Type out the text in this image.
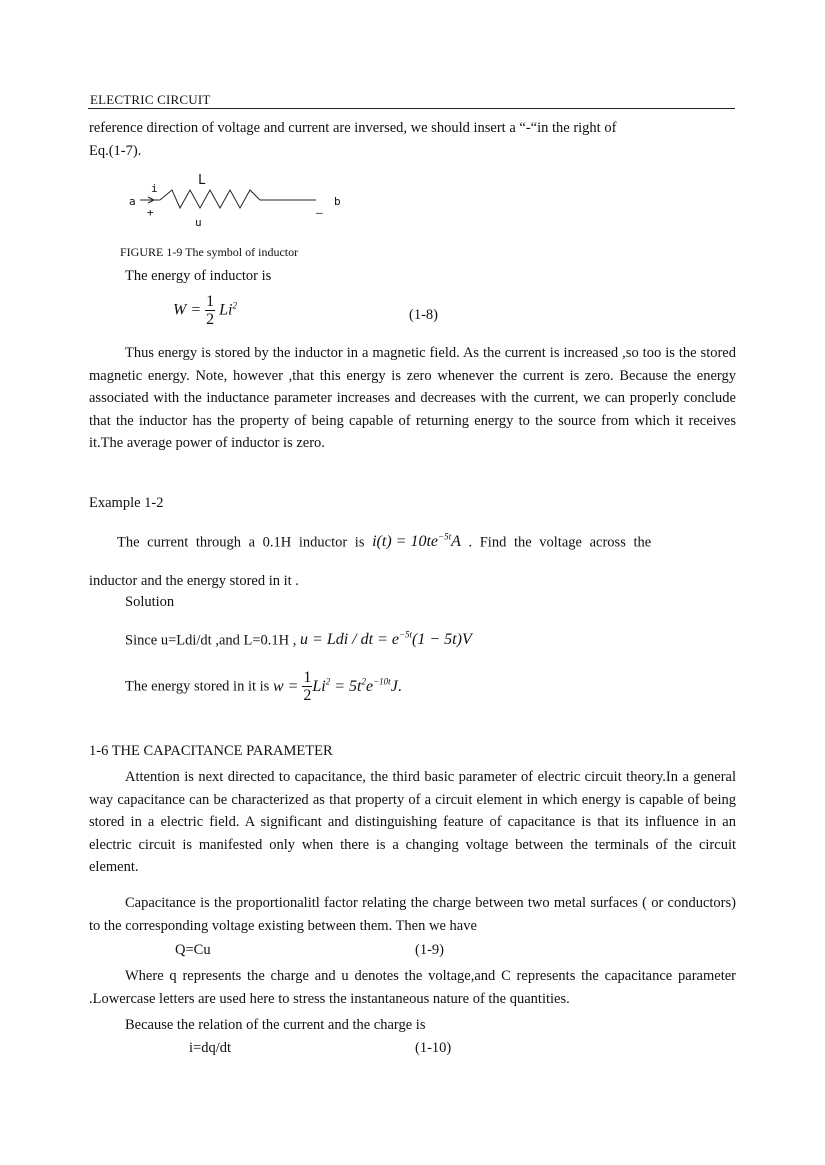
ELECTRIC CIRCUIT
reference direction of voltage and current are inversed, we should insert a “-“in the right of
Eq.(1-7).
a
i
L
b
+
u
–
FIGURE 1-9 The symbol of inductor
The energy of inductor is
$W = \frac{1}{2} Li^2$
(1-8)
Thus energy is stored by the inductor in a magnetic field. As the current is increased ,so too is the stored magnetic energy. Note, however ,that this energy is zero whenever the current is zero. Because the energy associated with the inductance parameter increases and decreases with the current, we can properly conclude that the inductor has the property of being capable of returning energy to the source from which it receives it.The average power of inductor is zero.
Example 1-2
The current through a 0.1H inductor is $i(t) = 10te^{-5t}A$ . Find the voltage across the
inductor and the energy stored in it .
Solution
Since u=Ldi/dt ,and L=0.1H , u = Ldi / dt = $e^{-5t}(1 - 5t)V$
The energy stored in it is $w = \frac{1}{2} Li^2 = 5t^2e^{-10t}J$.
1-6 THE CAPACITANCE PARAMETER
Attention is next directed to capacitance, the third basic parameter of electric circuit theory.In a general way capacitance can be characterized as that property of a circuit element in which energy is capable of being stored in a electric field. A significant and distinguishing feature of capacitance is that its influence in an electric circuit is manifested only when there is a changing voltage between the terminals of the circuit element.
Capacitance is the proportionalitl factor relating the charge between two metal surfaces ( or conductors) to the corresponding voltage existing between them. Then we have
Q=Cu	(1-9)
Where q represents the charge and u denotes the voltage,and C represents the capacitance parameter .Lowercase letters are used here to stress the instantaneous nature of the quantities.
Because the relation of the current and the charge is
i=dq/dt	(1-10)
